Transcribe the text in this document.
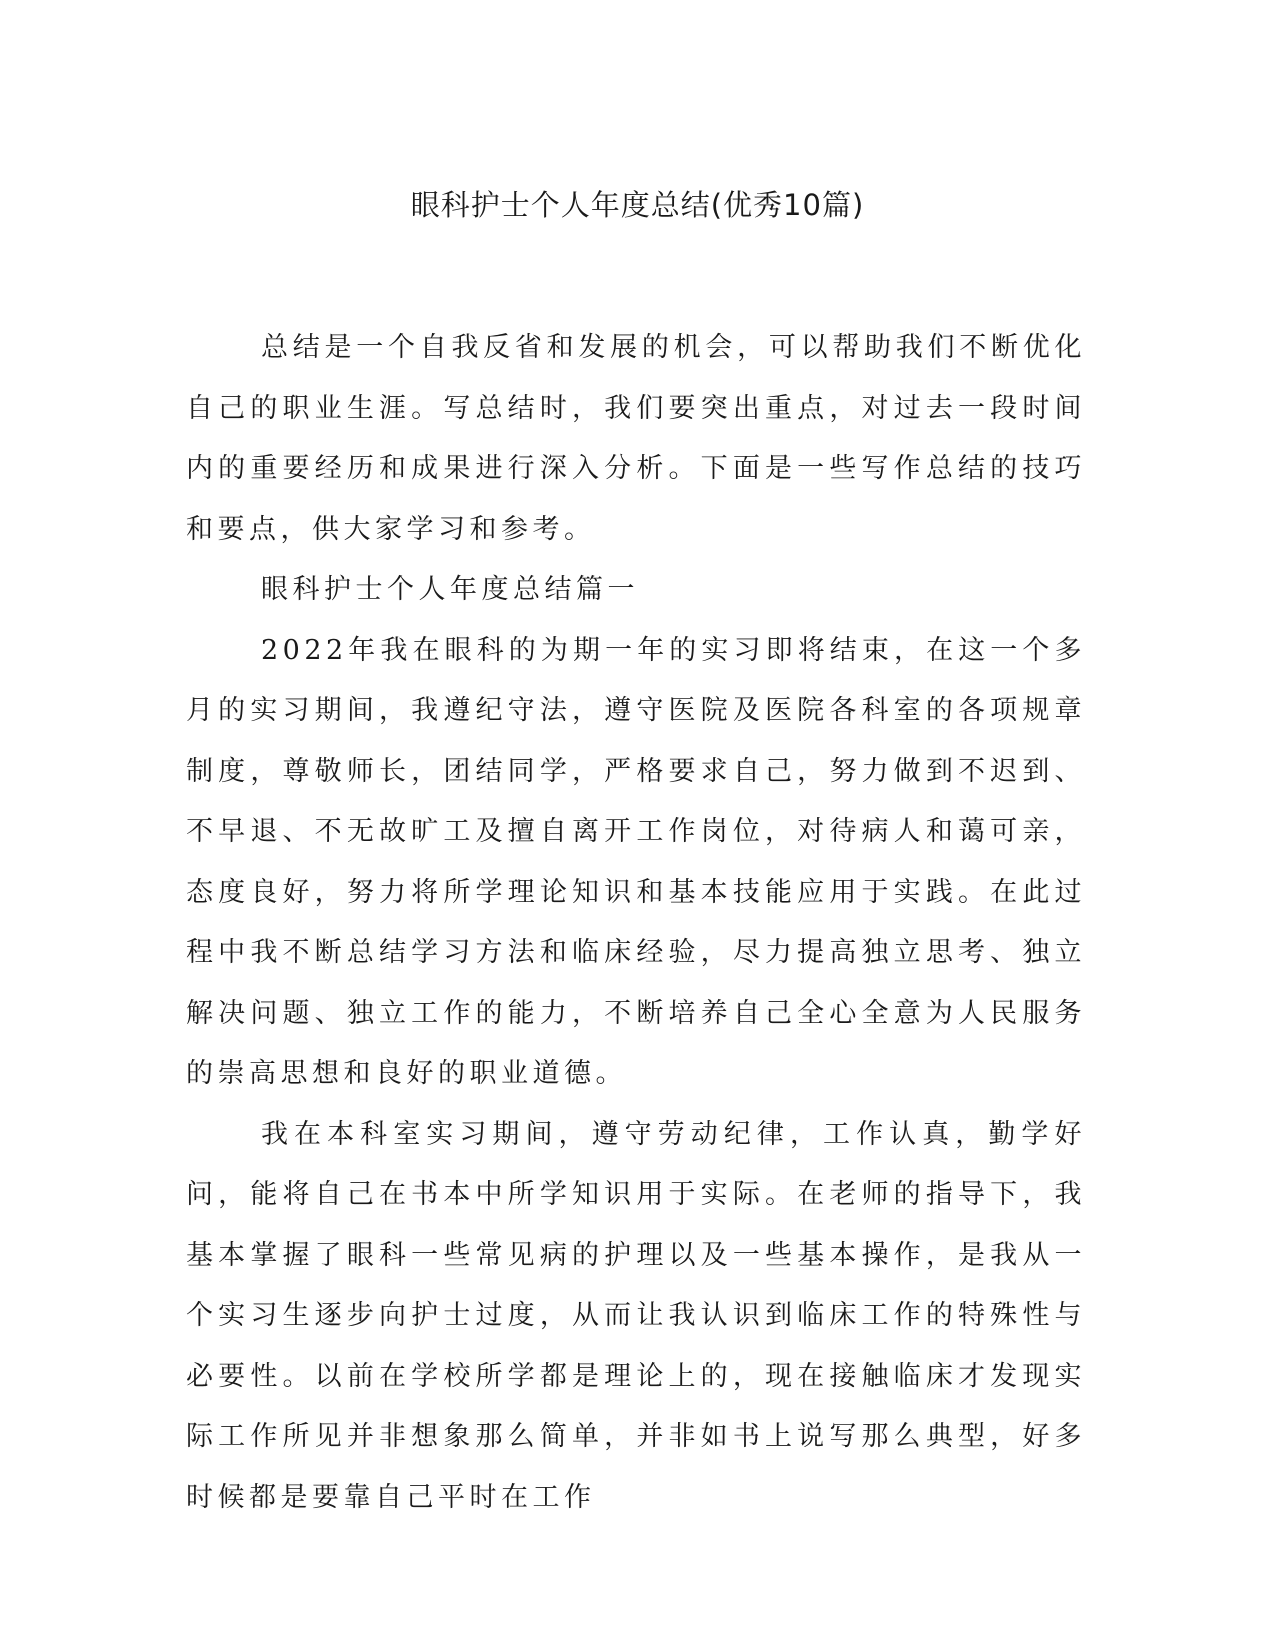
眼科护士个人年度总结(优秀10篇)

总结是一个自我反省和发展的机会，可以帮助我们不断优化自己的职业生涯。写总结时，我们要突出重点，对过去一段时间内的重要经历和成果进行深入分析。下面是一些写作总结的技巧和要点，供大家学习和参考。

眼科护士个人年度总结篇一

2022年我在眼科的为期一年的实习即将结束，在这一个多月的实习期间，我遵纪守法，遵守医院及医院各科室的各项规章制度，尊敬师长，团结同学，严格要求自己，努力做到不迟到、不早退、不无故旷工及擅自离开工作岗位，对待病人和蔼可亲，态度良好，努力将所学理论知识和基本技能应用于实践。在此过程中我不断总结学习方法和临床经验，尽力提高独立思考、独立解决问题、独立工作的能力，不断培养自己全心全意为人民服务的崇高思想和良好的职业道德。

我在本科室实习期间，遵守劳动纪律，工作认真，勤学好问，能将自己在书本中所学知识用于实际。在老师的指导下，我基本掌握了眼科一些常见病的护理以及一些基本操作，是我从一个实习生逐步向护士过度，从而让我认识到临床工作的特殊性与必要性。以前在学校所学都是理论上的，现在接触临床才发现实际工作所见并非想象那么简单，并非如书上说写那么典型，好多时候都是要靠自己平时在工作
